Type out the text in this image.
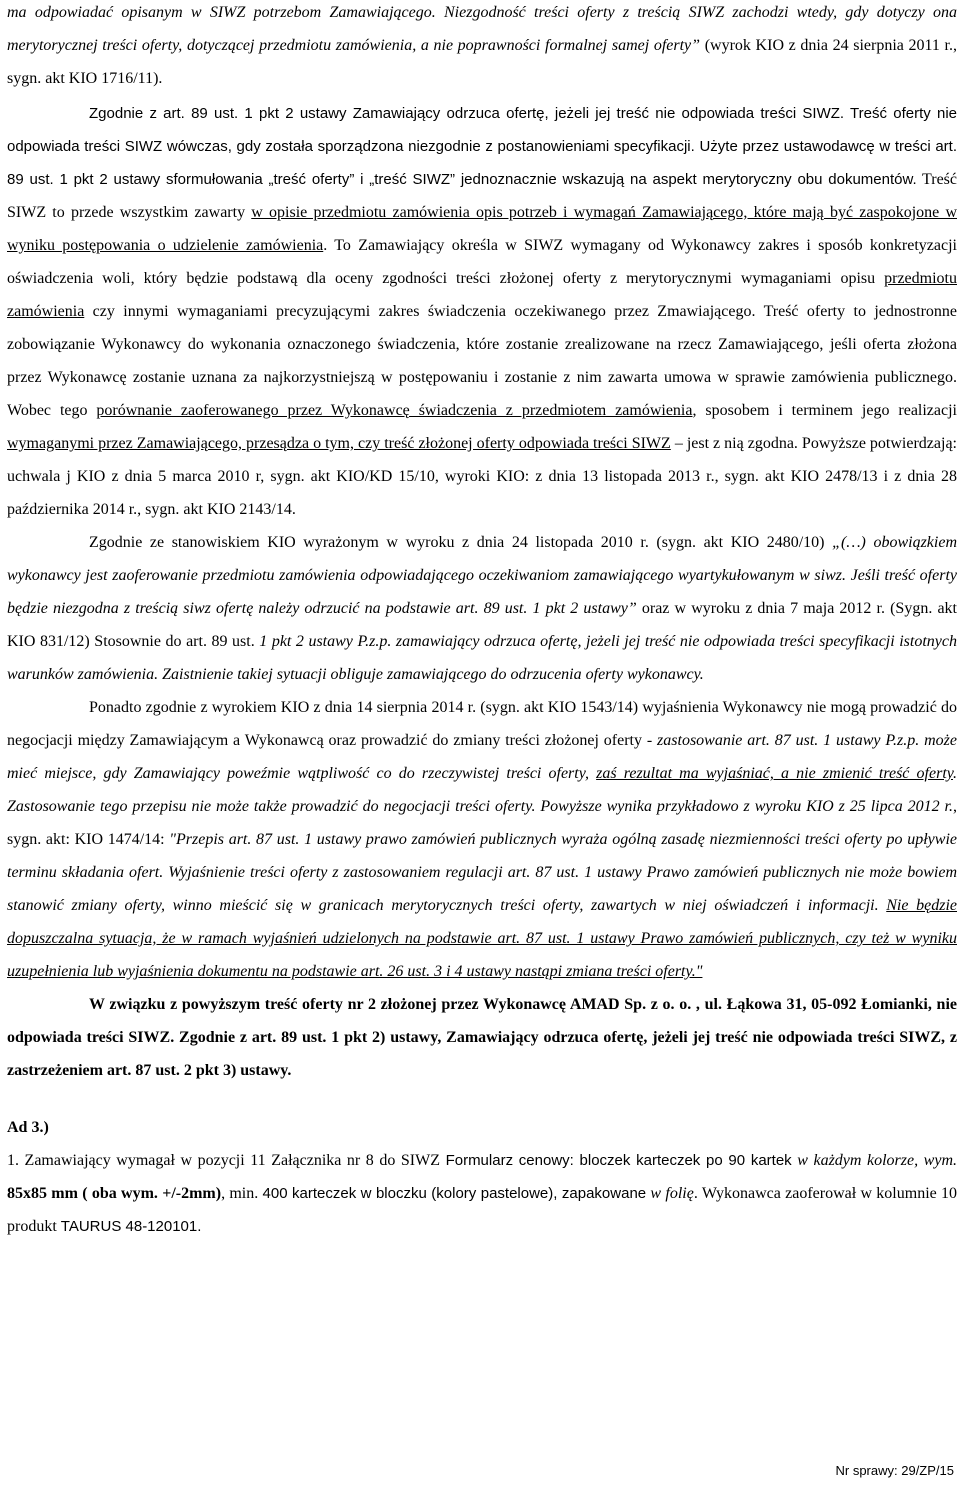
ma odpowiadać opisanym w SIWZ potrzebom Zamawiającego. Niezgodność treści oferty z treścią SIWZ zachodzi wtedy, gdy dotyczy ona merytorycznej treści oferty, dotyczącej przedmiotu zamówienia, a nie poprawności formalnej samej oferty” (wyrok KIO z dnia 24 sierpnia 2011 r., sygn. akt KIO 1716/11).

Zgodnie z art. 89 ust. 1 pkt 2 ustawy Zamawiający odrzuca ofertę, jeżeli jej treść nie odpowiada treści SIWZ. Treść oferty nie odpowiada treści SIWZ wówczas, gdy została sporządzona niezgodnie z postanowieniami specyfikacji. Użyte przez ustawodawcę w treści art. 89 ust. 1 pkt 2 ustawy sformułowania „treść oferty” i „treść SIWZ” jednoznacznie wskazują na aspekt merytoryczny obu dokumentów. Treść SIWZ to przede wszystkim zawarty w opisie przedmiotu zamówienia opis potrzeb i wymagań Zamawiającego, które mają być zaspokojone w wyniku postępowania o udzielenie zamówienia. To Zamawiający określa w SIWZ wymagany od Wykonawcy zakres i sposób konkretyzacji oświadczenia woli, który będzie podstawą dla oceny zgodności treści złożonej oferty z merytorycznymi wymaganiami opisu przedmiotu zamówienia czy innymi wymaganiami precyzującymi zakres świadczenia oczekiwanego przez Zmawiającego. Treść oferty to jednostronne zobowiązanie Wykonawcy do wykonania oznaczonego świadczenia, które zostanie zrealizowane na rzecz Zamawiającego, jeśli oferta złożona przez Wykonawcę zostanie uznana za najkorzystniejszą w postępowaniu i zostanie z nim zawarta umowa w sprawie zamówienia publicznego. Wobec tego porównanie zaoferowanego przez Wykonawcę świadczenia z przedmiotem zamówienia, sposobem i terminem jego realizacji wymaganymi przez Zamawiającego, przesądza o tym, czy treść złożonej oferty odpowiada treści SIWZ – jest z nią zgodna. Powyższe potwierdzają: uchwala j KIO z dnia 5 marca 2010 r, sygn. akt KIO/KD 15/10, wyroki KIO: z dnia 13 listopada 2013 r., sygn. akt KIO 2478/13 i z dnia 28 października 2014 r., sygn. akt KIO 2143/14.

Zgodnie ze stanowiskiem KIO wyrażonym w wyroku z dnia 24 listopada 2010 r. (sygn. akt KIO 2480/10) „(…) obowiązkiem wykonawcy jest zaoferowanie przedmiotu zamówienia odpowiadającego oczekiwaniom zamawiającego wyartykułowanym w siwz. Jeśli treść oferty będzie niezgodna z treścią siwz ofertę należy odrzucić na podstawie art. 89 ust. 1 pkt 2 ustawy” oraz w wyroku z dnia 7 maja 2012 r. (Sygn. akt KIO 831/12) Stosownie do art. 89 ust. 1 pkt 2 ustawy P.z.p. zamawiający odrzuca ofertę, jeżeli jej treść nie odpowiada treści specyfikacji istotnych warunków zamówienia. Zaistnienie takiej sytuacji obliguje zamawiającego do odrzucenia oferty wykonawcy.

Ponadto zgodnie z wyrokiem KIO z dnia 14 sierpnia 2014 r. (sygn. akt KIO 1543/14) wyjaśnienia Wykonawcy nie mogą prowadzić do negocjacji między Zamawiającym a Wykonawcą oraz prowadzić do zmiany treści złożonej oferty - zastosowanie art. 87 ust. 1 ustawy P.z.p. może mieć miejsce, gdy Zamawiający poweźmie wątpliwość co do rzeczywistej treści oferty, zaś rezultat ma wyjaśniać, a nie zmienić treść oferty. Zastosowanie tego przepisu nie może także prowadzić do negocjacji treści oferty. Powyższe wynika przykładowo z wyroku KIO z 25 lipca 2012 r., sygn. akt: KIO 1474/14: "Przepis art. 87 ust. 1 ustawy prawo zamówień publicznych wyraża ogólną zasadę niezmienności treści oferty po upływie terminu składania ofert. Wyjaśnienie treści oferty z zastosowaniem regulacji art. 87 ust. 1 ustawy Prawo zamówień publicznych nie może bowiem stanowić zmiany oferty, winno mieścić się w granicach merytorycznych treści oferty, zawartych w niej oświadczeń i informacji. Nie będzie dopuszczalna sytuacja, że w ramach wyjaśnień udzielonych na podstawie art. 87 ust. 1 ustawy Prawo zamówień publicznych, czy też w wyniku uzupełnienia lub wyjaśnienia dokumentu na podstawie art. 26 ust. 3 i 4 ustawy nastąpi zmiana treści oferty."

W związku z powyższym treść oferty nr 2 złożonej przez Wykonawcę AMAD Sp. z o. o. , ul. Łąkowa 31, 05-092 Łomianki, nie odpowiada treści SIWZ. Zgodnie z art. 89 ust. 1 pkt 2) ustawy, Zamawiający odrzuca ofertę, jeżeli jej treść nie odpowiada treści SIWZ, z zastrzeżeniem art. 87 ust. 2 pkt 3) ustawy.

Ad 3.)

1. Zamawiający wymagał w pozycji 11 Załącznika nr 8 do SIWZ Formularz cenowy: bloczek karteczek po 90 kartek w każdym kolorze, wym. 85x85 mm ( oba wym. +/-2mm), min. 400 karteczek w bloczku (kolory pastelowe), zapakowane w folię. Wykonawca zaoferował w kolumnie 10 produkt TAURUS 48-120101.

Nr sprawy: 29/ZP/15
